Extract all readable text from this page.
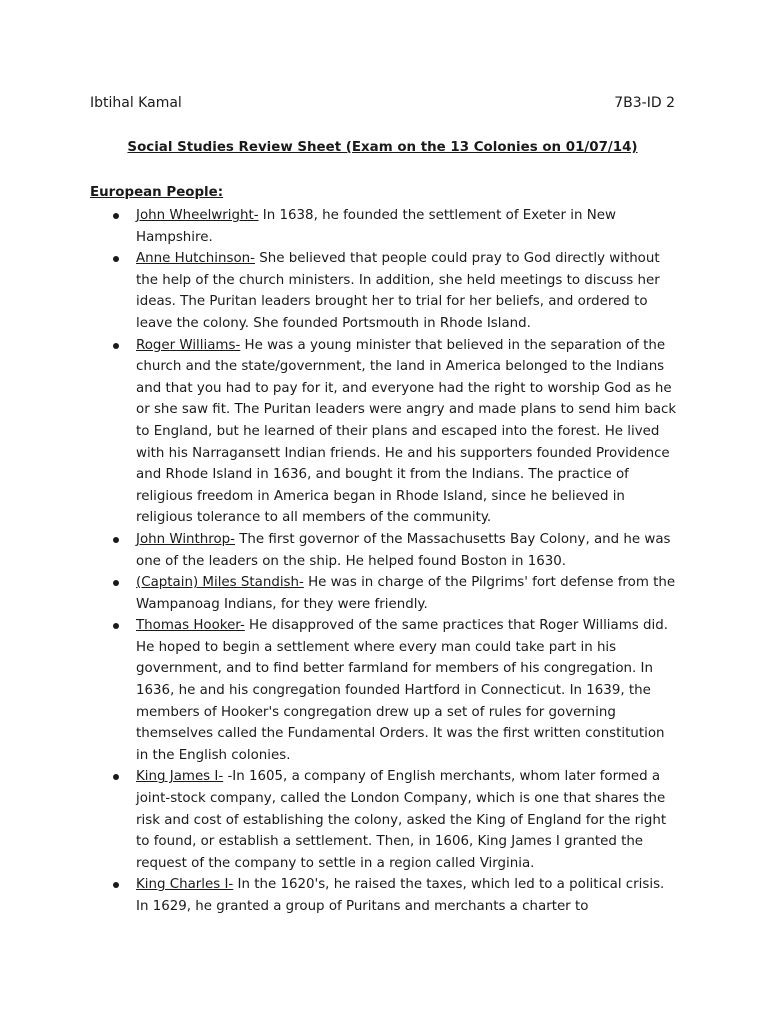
Ibtihal Kamal	7B3-ID 2
Social Studies Review Sheet (Exam on the 13 Colonies on 01/07/14)
European People:
John Wheelwright- In 1638, he founded the settlement of Exeter in New Hampshire.
Anne Hutchinson- She believed that people could pray to God directly without the help of the church ministers. In addition, she held meetings to discuss her ideas. The Puritan leaders brought her to trial for her beliefs, and ordered to leave the colony. She founded Portsmouth in Rhode Island.
Roger Williams- He was a young minister that believed in the separation of the church and the state/government, the land in America belonged to the Indians and that you had to pay for it, and everyone had the right to worship God as he or she saw fit. The Puritan leaders were angry and made plans to send him back to England, but he learned of their plans and escaped into the forest. He lived with his Narragansett Indian friends. He and his supporters founded Providence and Rhode Island in 1636, and bought it from the Indians. The practice of religious freedom in America began in Rhode Island, since he believed in religious tolerance to all members of the community.
John Winthrop- The first governor of the Massachusetts Bay Colony, and he was one of the leaders on the ship. He helped found Boston in 1630.
(Captain) Miles Standish- He was in charge of the Pilgrims' fort defense from the Wampanoag Indians, for they were friendly.
Thomas Hooker- He disapproved of the same practices that Roger Williams did. He hoped to begin a settlement where every man could take part in his government, and to find better farmland for members of his congregation. In 1636, he and his congregation founded Hartford in Connecticut. In 1639, the members of Hooker's congregation drew up a set of rules for governing themselves called the Fundamental Orders. It was the first written constitution in the English colonies.
King James I- -In 1605, a company of English merchants, whom later formed a joint-stock company, called the London Company, which is one that shares the risk and cost of establishing the colony, asked the King of England for the right to found, or establish a settlement. Then, in 1606, King James I granted the request of the company to settle in a region called Virginia.
King Charles I- In the 1620's, he raised the taxes, which led to a political crisis. In 1629, he granted a group of Puritans and merchants a charter to
